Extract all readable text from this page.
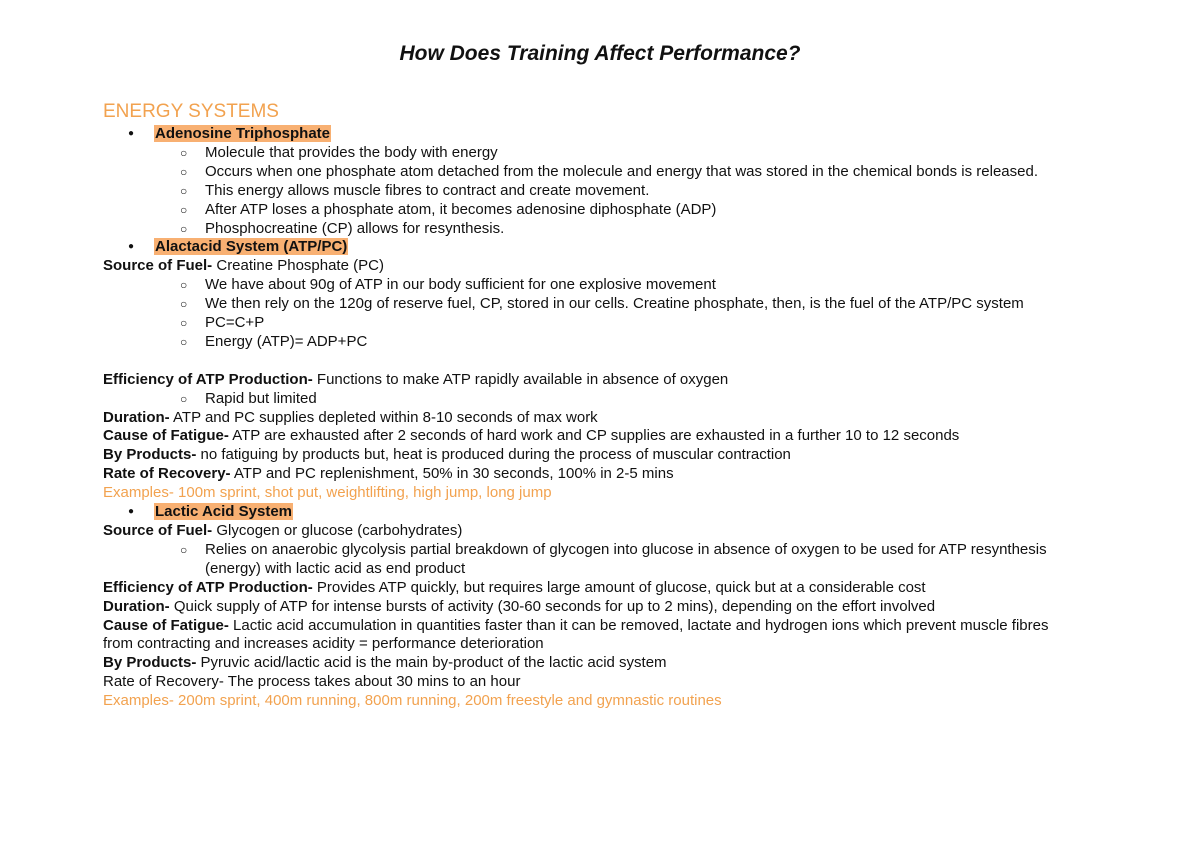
How Does Training Affect Performance?
ENERGY SYSTEMS
● Adenosine Triphosphate
○ Molecule that provides the body with energy
○ Occurs when one phosphate atom detached from the molecule and energy that was stored in the chemical bonds is released.
○ This energy allows muscle fibres to contract and create movement.
○ After ATP loses a phosphate atom, it becomes adenosine diphosphate (ADP)
○ Phosphocreatine (CP) allows for resynthesis.
● Alactacid System (ATP/PC)
Source of Fuel- Creatine Phosphate (PC)
○ We have about 90g of ATP in our body sufficient for one explosive movement
○ We then rely on the 120g of reserve fuel, CP, stored in our cells. Creatine phosphate, then, is the fuel of the ATP/PC system
○ PC=C+P
○ Energy (ATP)= ADP+PC
Efficiency of ATP Production- Functions to make ATP rapidly available in absence of oxygen
○ Rapid but limited
Duration- ATP and PC supplies depleted within 8-10 seconds of max work
Cause of Fatigue- ATP are exhausted after 2 seconds of hard work and CP supplies are exhausted in a further 10 to 12 seconds
By Products- no fatiguing by products but, heat is produced during the process of muscular contraction
Rate of Recovery- ATP and PC replenishment, 50% in 30 seconds, 100% in 2-5 mins
Examples- 100m sprint, shot put, weightlifting, high jump, long jump
● Lactic Acid System
Source of Fuel- Glycogen or glucose (carbohydrates)
○ Relies on anaerobic glycolysis partial breakdown of glycogen into glucose in absence of oxygen to be used for ATP resynthesis
(energy) with lactic acid as end product
Efficiency of ATP Production- Provides ATP quickly, but requires large amount of glucose, quick but at a considerable cost
Duration- Quick supply of ATP for intense bursts of activity (30-60 seconds for up to 2 mins), depending on the effort involved
Cause of Fatigue- Lactic acid accumulation in quantities faster than it can be removed, lactate and hydrogen ions which prevent muscle fibres
from contracting and increases acidity = performance deterioration
By Products- Pyruvic acid/lactic acid is the main by-product of the lactic acid system
Rate of Recovery- The process takes about 30 mins to an hour
Examples- 200m sprint, 400m running, 800m running, 200m freestyle and gymnastic routines
